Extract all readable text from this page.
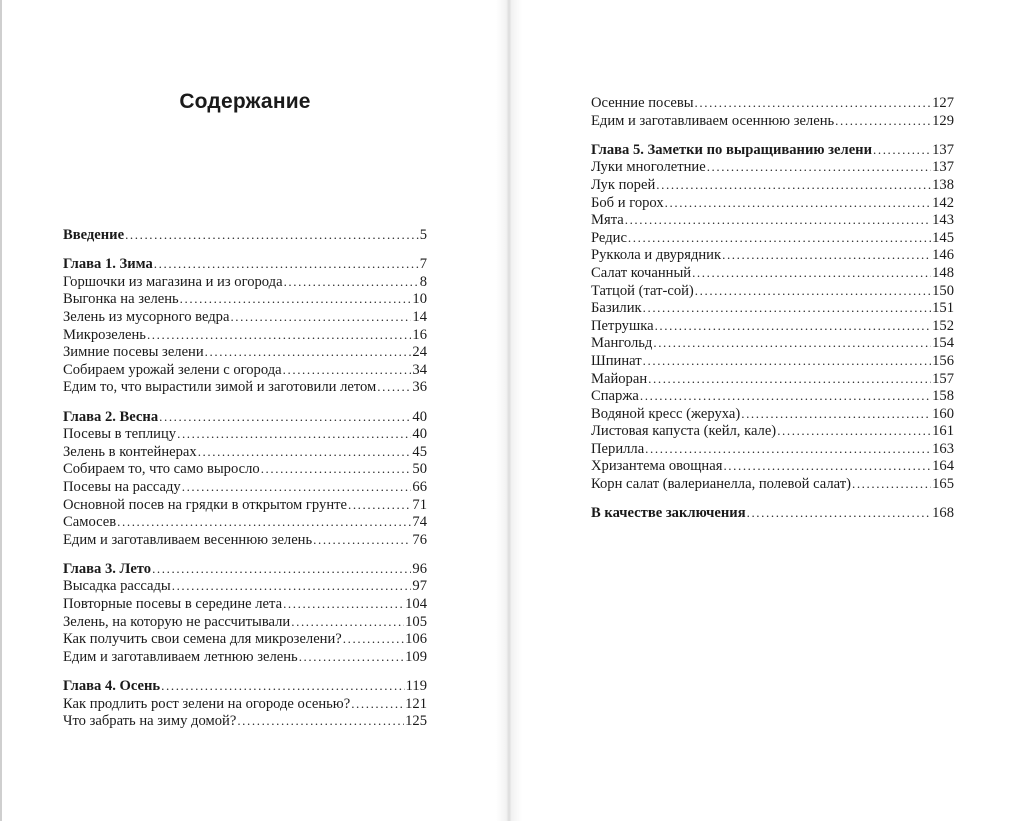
Содержание
Введение .....	5
Глава 1. Зима .....	7
Горшочки из магазина и из огорода .....	8
Выгонка на зелень .....	10
Зелень из мусорного ведра .....	14
Микрозелень .....	16
Зимние посевы зелени .....	24
Собираем урожай зелени с огорода .....	34
Едим то, что вырастили зимой и заготовили летом ..... 36
Глава 2. Весна .....	40
Посевы в теплицу .....	40
Зелень в контейнерах .....	45
Собираем то, что само выросло .....	50
Посевы на рассаду .....	66
Основной посев на грядки в открытом грунте .....	71
Самосев .....	74
Едим и заготавливаем весеннюю зелень .....	76
Глава 3. Лето .....	96
Высадка рассады .....	97
Повторные посевы в середине лета .....	104
Зелень, на которую не рассчитывали .....	105
Как получить свои семена для микрозелени? .....	106
Едим и заготавливаем летнюю зелень .....	109
Глава 4. Осень .....	119
Как продлить рост зелени на огороде осенью? .....	121
Что забрать на зиму домой? .....	125
Осенние посевы .....	127
Едим и заготавливаем осеннюю зелень .....	129
Глава 5. Заметки по выращиванию зелени .....	137
Луки многолетние .....	137
Лук порей .....	138
Боб и горох .....	142
Мята .....	143
Редис .....	145
Руккола и двурядник .....	146
Салат кочанный .....	148
Татцой (тат-сой) .....	150
Базилик .....	151
Петрушка .....	152
Мангольд .....	154
Шпинат .....	156
Майоран .....	157
Спаржа .....	158
Водяной кресс (жеруха) .....	160
Листовая капуста (кейл, кале) .....	161
Перилла .....	163
Хризантема овощная .....	164
Корн салат (валерианелла, полевой салат) .....	165
В качестве заключения .....	168
